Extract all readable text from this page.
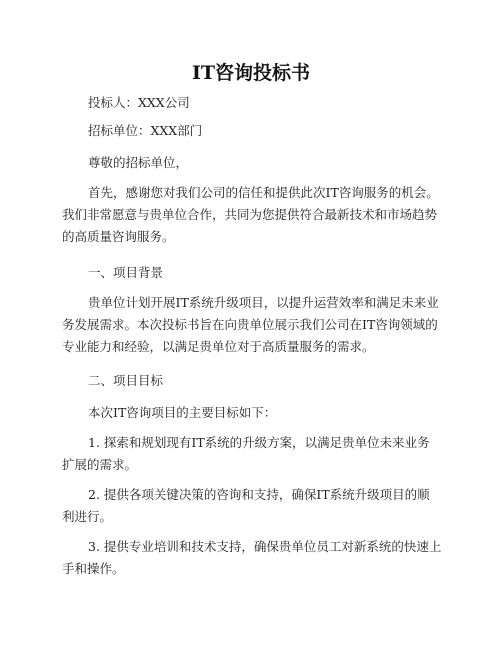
IT咨询投标书

投标人：XXX公司

招标单位：XXX部门

尊敬的招标单位，

首先，感谢您对我们公司的信任和提供此次IT咨询服务的机会。我们非常愿意与贵单位合作，共同为您提供符合最新技术和市场趋势的高质量咨询服务。

一、项目背景

贵单位计划开展IT系统升级项目，以提升运营效率和满足未来业务发展需求。本次投标书旨在向贵单位展示我们公司在IT咨询领域的专业能力和经验，以满足贵单位对于高质量服务的需求。

二、项目目标

本次IT咨询项目的主要目标如下：

1. 探索和规划现有IT系统的升级方案，以满足贵单位未来业务扩展的需求。

2. 提供各项关键决策的咨询和支持，确保IT系统升级项目的顺利进行。

3. 提供专业培训和技术支持，确保贵单位员工对新系统的快速上手和操作。
